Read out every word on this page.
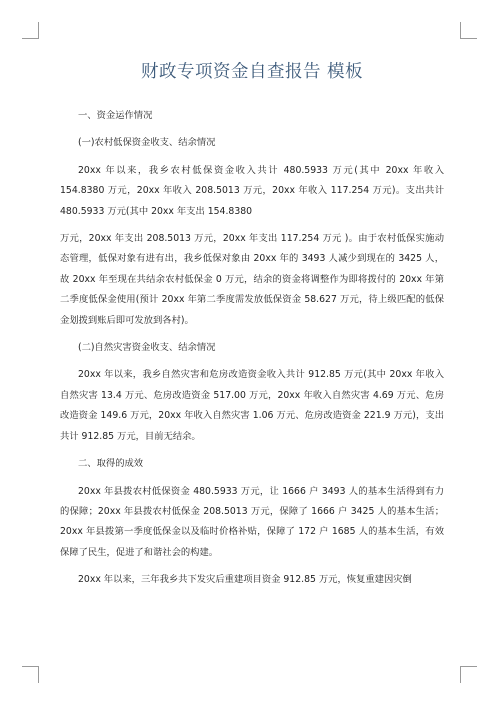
财政专项资金自查报告 模板
一、资金运作情况
(一)农村低保资金收支、结余情况

20xx 年以来，我乡农村低保资金收入共计 480.5933 万元(其中 20xx 年收入 154.8380 万元，20xx 年收入 208.5013 万元，20xx 年收入 117.254 万元)。支出共计 480.5933 万元(其中 20xx 年支出 154.8380

万元，20xx 年支出 208.5013 万元，20xx 年支出 117.254 万元 )。由于农村低保实施动态管理，低保对象有进有出，我乡低保对象由 20xx 年的 3493 人减少到现在的 3425 人，故 20xx 年至现在共结余农村低保金 0 万元，结余的资金将调整作为即将拨付的 20xx 年第二季度低保金使用(预计 20xx 年第二季度需发放低保资金 58.627 万元，待上级匹配的低保金划拨到账后即可发放到各村)。

(二)自然灾害资金收支、结余情况

20xx 年以来，我乡自然灾害和危房改造资金收入共计 912.85 万元(其中 20xx 年收入自然灾害 13.4 万元、危房改造资金 517.00 万元，20xx 年收入自然灾害 4.69 万元、危房改造资金 149.6 万元，20xx 年收入自然灾害 1.06 万元、危房改造资金 221.9 万元)，支出共计 912.85 万元，目前无结余。

二、取得的成效

20xx 年县拨农村低保资金 480.5933 万元，让 1666 户 3493 人的基本生活得到有力的保障；20xx 年县拨农村低保金 208.5013 万元，保障了 1666 户 3425 人的基本生活；20xx 年县拨第一季度低保金以及临时价格补贴，保障了 172 户 1685 人的基本生活，有效保障了民生，促进了和谐社会的构建。

20xx 年以来，三年我乡共下发灾后重建项目资金 912.85 万元，恢复重建因灾倒
